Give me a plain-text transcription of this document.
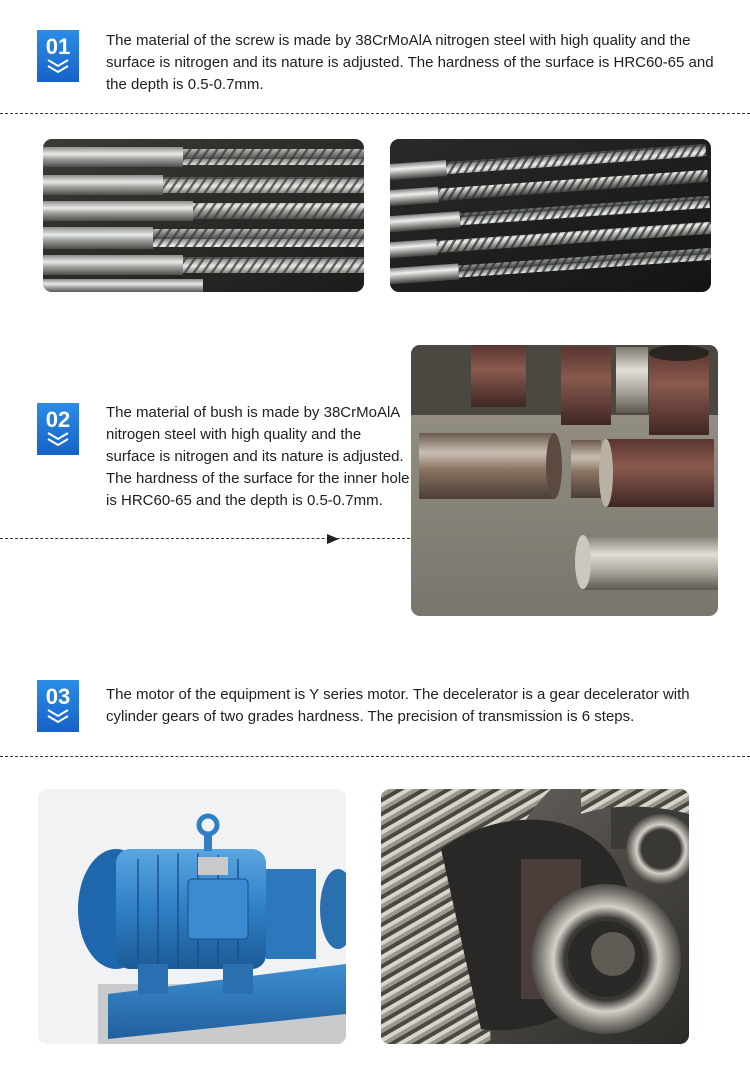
01	The material of the screw is made by 38CrMoAlA nitrogen steel with high quality and the surface is nitrogen and its nature is adjusted. The hardness of the surface is HRC60-65 and the depth is 0.5-0.7mm.
02	The material of bush is made by 38CrMoAlA nitrogen steel with high quality and the surface is nitrogen and its nature is adjusted. The hardness of the surface for the inner hole is HRC60-65 and the depth is 0.5-0.7mm.
03	The motor of the equipment is Y series motor. The decelerator is a gear decelerator with cylinder gears of two grades hardness. The precision of transmission is 6 steps.
